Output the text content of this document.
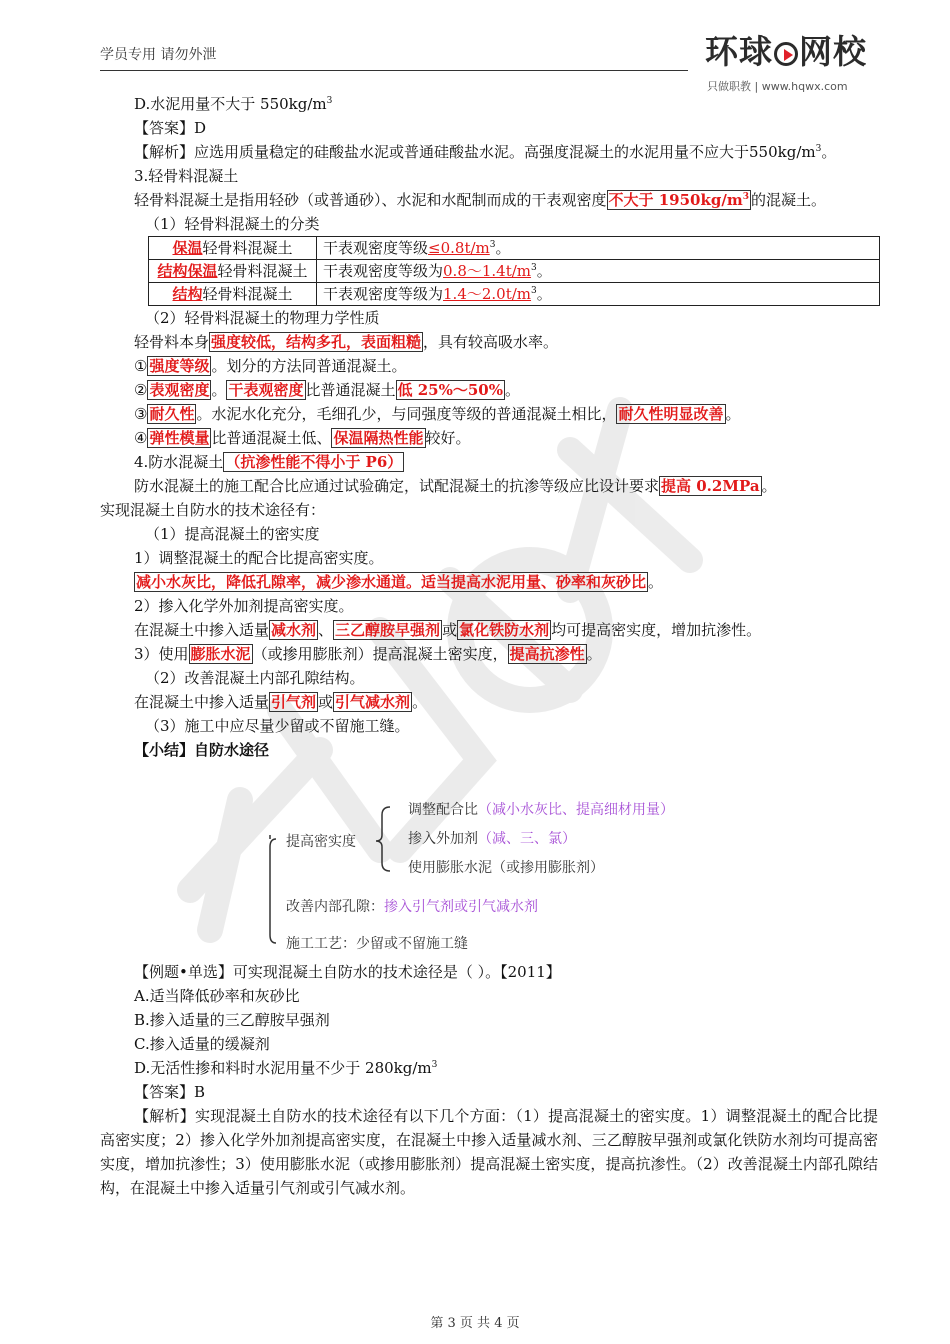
学员专用 请勿外泄	环球 网校
只做职教 | www.hqwx.com
D.水泥用量不大于 $550kg/m^3$
【答案】D
【解析】应选用质量稳定的硅酸盐水泥或普通硅酸盐水泥。高强度混凝土的水泥用量不应大于$550kg/m^3$。
3.轻骨料混凝土
轻骨料混凝土是指用轻砂（或普通砂）、水泥和水配制而成的干表观密度 不大于 $1950kg/m^3$ 的混凝土。
（1）轻骨料混凝土的分类
保温轻骨料混凝土	干表观密度等级$\le 0.8t/m^3$。
结构保温轻骨料混凝土	干表观密度等级为$0.8\sim 1.4t/m^3$。
结构轻骨料混凝土	干表观密度等级为$1.4\sim 2.0t/m^3$。
（2）轻骨料混凝土的物理力学性质
轻骨料本身 强度较低，结构多孔，表面粗糙 ，具有较高吸水率。
① 强度等级 。划分的方法同普通混凝土。
② 表观密度 。 干表观密度 比普通混凝土 低 25%～50% 。
③ 耐久性 。水泥水化充分，毛细孔少，与同强度等级的普通混凝土相比， 耐久性明显改善 。
④ 弹性模量 比普通混凝土低、 保温隔热性能 较好。
4.防水混凝土 （抗渗性能不得小于 P6）
防水混凝土的施工配合比应通过试验确定，试配混凝土的抗渗等级应比设计要求 提高 0.2MPa 。
实现混凝土自防水的技术途径有：
（1）提高混凝土的密实度
1）调整混凝土的配合比提高密实度。
减小水灰比，降低孔隙率，减少渗水通道。适当提高水泥用量、砂率和灰砂比 。
2）掺入化学外加剂提高密实度。
在混凝土中掺入适量 减水剂 、 三乙醇胺早强剂 或 氯化铁防水剂 均可提高密实度，增加抗渗性。
3）使用 膨胀水泥 （或掺用膨胀剂）提高混凝土密实度， 提高抗渗性 。
（2）改善混凝土内部孔隙结构。
在混凝土中掺入适量 引气剂 或 引气减水剂 。
（3）施工中应尽量少留或不留施工缝。
【小结】自防水途径
提高密实度
调整配合比（减小水灰比、提高细材用量）
掺入外加剂（减、三、氯）
使用膨胀水泥（或掺用膨胀剂）
改善内部孔隙：掺入引气剂或引气减水剂
施工工艺：少留或不留施工缝
【例题•单选】可实现混凝土自防水的技术途径是（ ）。【2011】
A.适当降低砂率和灰砂比
B.掺入适量的三乙醇胺早强剂
C.掺入适量的缓凝剂
D.无活性掺和料时水泥用量不少于 $280kg/m^3$
【答案】B
【解析】实现混凝土自防水的技术途径有以下几个方面：（1）提高混凝土的密实度。1）调整混凝土的配合比提高密实度；2）掺入化学外加剂提高密实度，在混凝土中掺入适量减水剂、三乙醇胺早强剂或氯化铁防水剂均可提高密实度，增加抗渗性；3）使用膨胀水泥（或掺用膨胀剂）提高混凝土密实度，提高抗渗性。（2）改善混凝土内部孔隙结构，在混凝土中掺入适量引气剂或引气减水剂。
第 3 页 共 4 页
